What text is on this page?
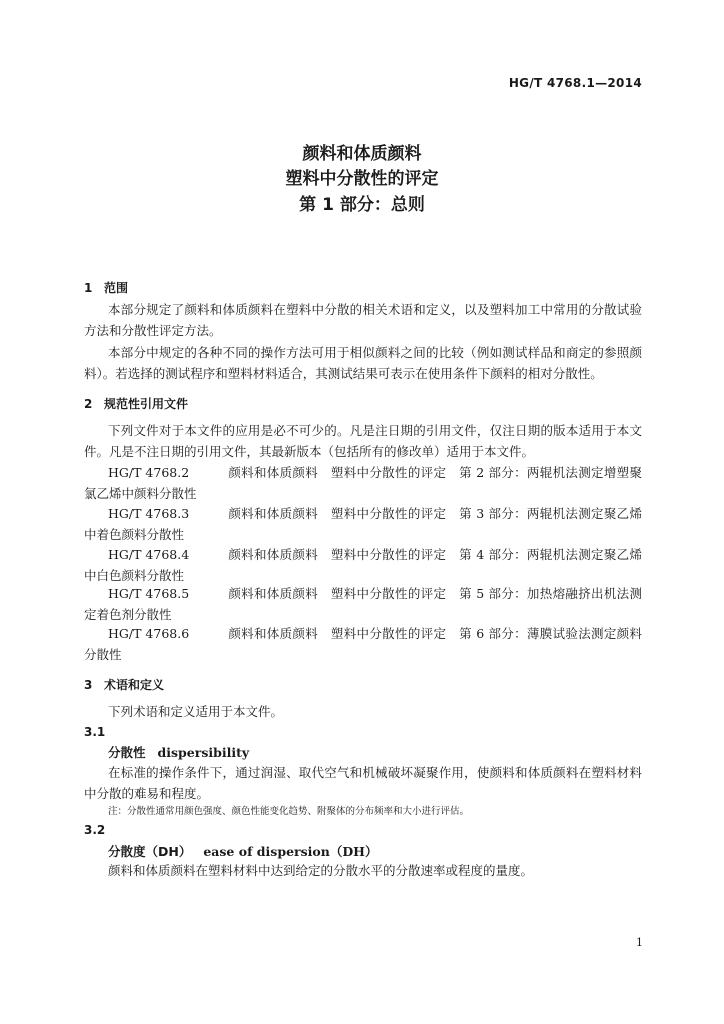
HG/T 4768.1—2014
颜料和体质颜料
塑料中分散性的评定
第 1 部分：总则
1 范围
本部分规定了颜料和体质颜料在塑料中分散的相关术语和定义，以及塑料加工中常用的分散试验方法和分散性评定方法。
本部分中规定的各种不同的操作方法可用于相似颜料之间的比较（例如测试样品和商定的参照颜料）。若选择的测试程序和塑料材料适合，其测试结果可表示在使用条件下颜料的相对分散性。
2 规范性引用文件
下列文件对于本文件的应用是必不可少的。凡是注日期的引用文件，仅注日期的版本适用于本文件。凡是不注日期的引用文件，其最新版本（包括所有的修改单）适用于本文件。
HG/T 4768.2	颜料和体质颜料　塑料中分散性的评定　第 2 部分：两辊机法测定增塑聚氯乙烯中颜料分散性
HG/T 4768.3	颜料和体质颜料　塑料中分散性的评定　第 3 部分：两辊机法测定聚乙烯中着色颜料分散性
HG/T 4768.4	颜料和体质颜料　塑料中分散性的评定　第 4 部分：两辊机法测定聚乙烯中白色颜料分散性
HG/T 4768.5	颜料和体质颜料　塑料中分散性的评定　第 5 部分：加热熔融挤出机法测定着色剂分散性
HG/T 4768.6	颜料和体质颜料　塑料中分散性的评定　第 6 部分：薄膜试验法测定颜料分散性
3 术语和定义
下列术语和定义适用于本文件。
3.1
分散性 dispersibility
在标准的操作条件下，通过润湿、取代空气和机械破坏凝聚作用，使颜料和体质颜料在塑料材料中分散的难易和程度。
注：分散性通常用颜色强度、颜色性能变化趋势、附聚体的分布频率和大小进行评估。
3.2
分散度（DH） ease of dispersion（DH）
颜料和体质颜料在塑料材料中达到给定的分散水平的分散速率或程度的量度。
1
